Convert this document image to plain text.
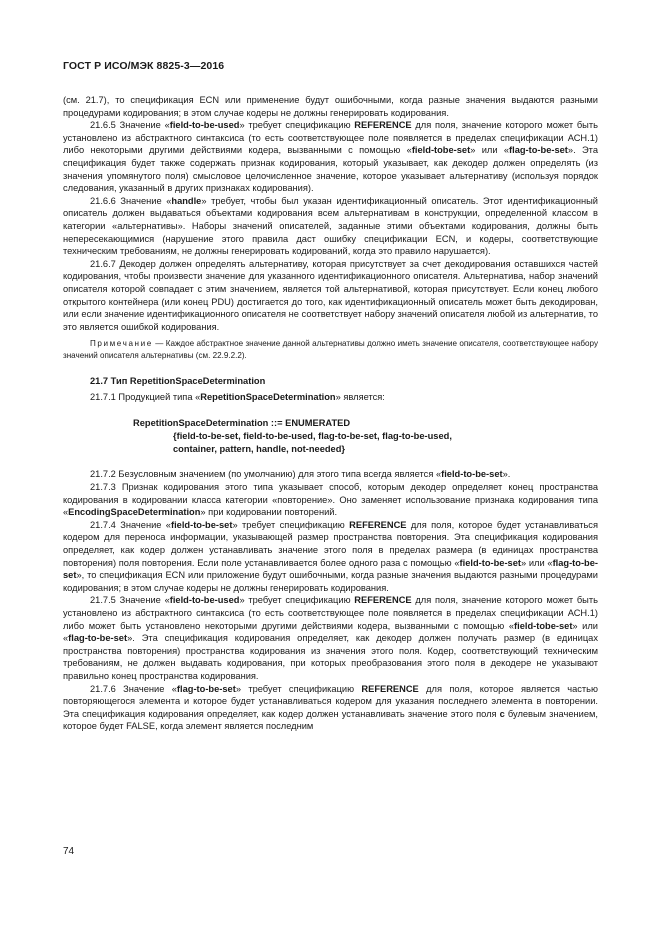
ГОСТ Р ИСО/МЭК 8825-3—2016

(см. 21.7), то спецификация ECN или применение будут ошибочными, когда разные значения выдаются разными процедурами кодирования; в этом случае кодеры не должны генерировать кодирования.

21.6.5 Значение «field-to-be-used» требует спецификацию REFERENCE для поля, значение которого может быть установлено из абстрактного синтаксиса (то есть соответствующее поле появляется в пределах спецификации АСН.1) либо некоторыми другими действиями кодера, вызванными с помощью «field-tobe-set» или «flag-to-be-set». Эта спецификация будет также содержать признак кодирования, который указывает, как декодер должен определять (из значения упомянутого поля) смысловое целочисленное значение, которое указывает альтернативу (используя порядок следования, указанный в других признаках кодирования).

21.6.6 Значение «handle» требует, чтобы был указан идентификационный описатель. Этот идентификационный описатель должен выдаваться объектами кодирования всем альтернативам в конструкции, определенной классом в категории «альтернативы». Наборы значений описателей, заданные этими объектами кодирования, должны быть непересекающимися (нарушение этого правила даст ошибку спецификации ECN, и кодеры, соответствующие техническим требованиям, не должны генерировать кодирований, когда это правило нарушается).

21.6.7 Декодер должен определять альтернативу, которая присутствует за счет декодирования оставшихся частей кодирования, чтобы произвести значение для указанного идентификационного описателя. Альтернатива, набор значений описателя которой совпадает с этим значением, является той альтернативой, которая присутствует. Если конец любого открытого контейнера (или конец PDU) достигается до того, как идентификационный описатель может быть декодирован, или если значение идентификационного описателя не соответствует набору значений описателя любой из альтернатив, то это является ошибкой кодирования.

Примечание — Каждое абстрактное значение данной альтернативы должно иметь значение описателя, соответствующее набору значений описателя альтернативы (см. 22.9.2.2).

21.7 Тип RepetitionSpaceDetermination

21.7.1 Продукцией типа «RepetitionSpaceDetermination» является:

RepetitionSpaceDetermination ::= ENUMERATED
{field-to-be-set, field-to-be-used, flag-to-be-set, flag-to-be-used,
container, pattern, handle, not-needed}

21.7.2 Безусловным значением (по умолчанию) для этого типа всегда является «field-to-be-set».

21.7.3 Признак кодирования этого типа указывает способ, которым декодер определяет конец пространства кодирования в кодировании класса категории «повторение». Оно заменяет использование признака кодирования типа «EncodingSpaceDetermination» при кодировании повторений.

21.7.4 Значение «field-to-be-set» требует спецификацию REFERENCE для поля, которое будет устанавливаться кодером для переноса информации, указывающей размер пространства повторения. Эта спецификация кодирования определяет, как кодер должен устанавливать значение этого поля в пределах размера (в единицах пространства повторения) поля повторения. Если поле устанавливается более одного раза с помощью «field-to-be-set» или «flag-to-be-set», то спецификация ECN или приложение будут ошибочными, когда разные значения выдаются разными процедурами кодирования; в этом случае кодеры не должны генерировать кодирования.

21.7.5 Значение «field-to-be-used» требует спецификацию REFERENCE для поля, значение которого может быть установлено из абстрактного синтаксиса (то есть соответствующее поле появляется в пределах спецификации АСН.1) либо может быть установлено некоторыми другими действиями кодера, вызванными с помощью «field-tobe-set» или «flag-to-be-set». Эта спецификация кодирования определяет, как декодер должен получать размер (в единицах пространства повторения) пространства кодирования из значения этого поля. Кодер, соответствующий техническим требованиям, не должен выдавать кодирования, при которых преобразования этого поля в декодере не указывают правильно конец пространства кодирования.

21.7.6 Значение «flag-to-be-set» требует спецификацию REFERENCE для поля, которое является частью повторяющегося элемента и которое будет устанавливаться кодером для указания последнего элемента в повторении. Эта спецификация кодирования определяет, как кодер должен устанавливать значение этого поля c булевым значением, которое будет FALSE, когда элемент является последним

74
